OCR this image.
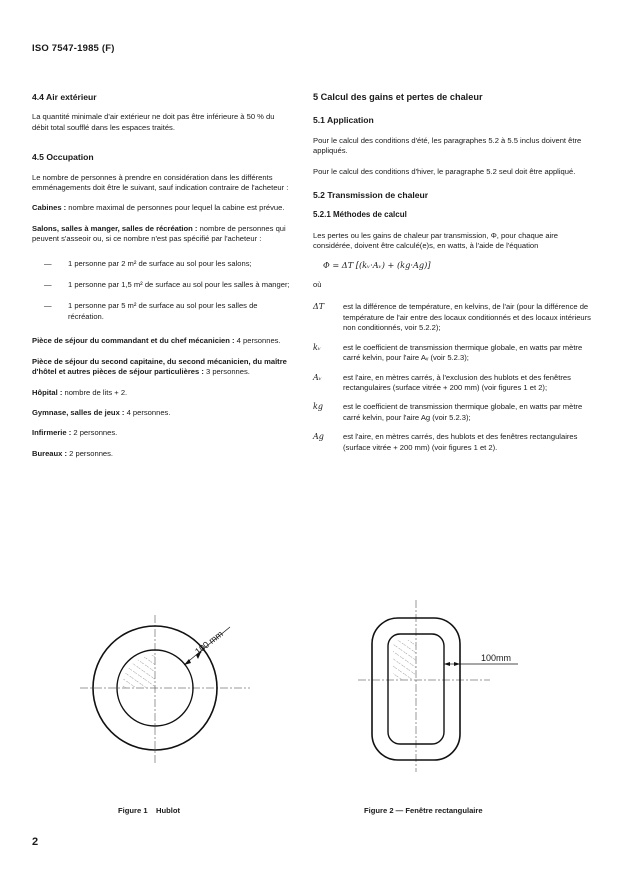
ISO 7547-1985 (F)
4.4 Air extérieur

La quantité minimale d'air extérieur ne doit pas être inférieure à 50 % du débit total soufflé dans les espaces traités.

4.5 Occupation

Le nombre de personnes à prendre en considération dans les différents emménagements doit être le suivant, sauf indication contraire de l'acheteur :

Cabines : nombre maximal de personnes pour lequel la cabine est prévue.

Salons, salles à manger, salles de récréation : nombre de personnes qui peuvent s'asseoir ou, si ce nombre n'est pas spécifié par l'acheteur :

—	1 personne par 2 m² de surface au sol pour les salons;
—	1 personne par 1,5 m² de surface au sol pour les salles à manger;
—	1 personne par 5 m² de surface au sol pour les salles de récréation.

Pièce de séjour du commandant et du chef mécanicien : 4 personnes.

Pièce de séjour du second capitaine, du second mécanicien, du maître d'hôtel et autres pièces de séjour particulières : 3 personnes.

Hôpital : nombre de lits + 2.

Gymnase, salles de jeux : 4 personnes.

Infirmerie : 2 personnes.

Bureaux : 2 personnes.

5 Calcul des gains et pertes de chaleur
5.1 Application

Pour le calcul des conditions d'été, les paragraphes 5.2 à 5.5 inclus doivent être appliqués.

Pour le calcul des conditions d'hiver, le paragraphe 5.2 seul doit être appliqué.

5.2 Transmission de chaleur
5.2.1 Méthodes de calcul

Les pertes ou les gains de chaleur par transmission, Φ, pour chaque aire considérée, doivent être calculé(e)s, en watts, à l'aide de l'équation

Φ = ΔT [(kᵥ·Aᵥ) + (kg·Ag)]

où

ΔT	est la différence de température, en kelvins, de l'air (pour la différence de température de l'air entre des locaux conditionnés et des locaux intérieurs non conditionnés, voir 5.2.2);
kᵥ	est le coefficient de transmission thermique globale, en watts par mètre carré kelvin, pour l'aire Aᵥ (voir 5.2.3);
Aᵥ	est l'aire, en mètres carrés, à l'exclusion des hublots et des fenêtres rectangulaires (surface vitrée + 200 mm) (voir figures 1 et 2);
kg	est le coefficient de transmission thermique globale, en watts par mètre carré kelvin, pour l'aire Ag (voir 5.2.3);
Ag	est l'aire, en mètres carrés, des hublots et des fenêtres rectangulaires (surface vitrée + 200 mm) (voir figures 1 et 2).
100 mm
Figure 1    Hublot
100mm
Figure 2 — Fenêtre rectangulaire
2
